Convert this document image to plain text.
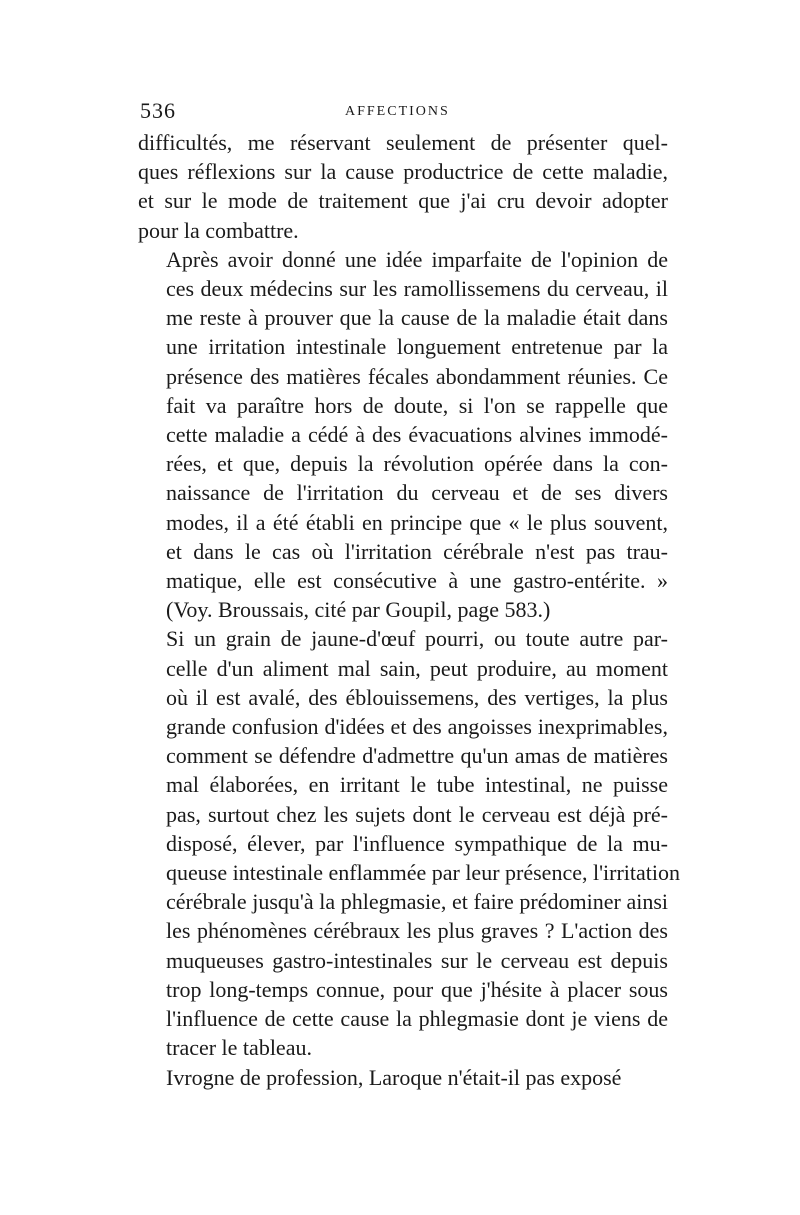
536	AFFECTIONS
difficultés, me réservant seulement de présenter quel-
ques réflexions sur la cause productrice de cette maladie,
et sur le mode de traitement que j'ai cru devoir adopter
pour la combattre.
Après avoir donné une idée imparfaite de l'opinion de
ces deux médecins sur les ramollissemens du cerveau, il
me reste à prouver que la cause de la maladie était dans
une irritation intestinale longuement entretenue par la
présence des matières fécales abondamment réunies. Ce
fait va paraître hors de doute, si l'on se rappelle que
cette maladie a cédé à des évacuations alvines immodé-
rées, et que, depuis la révolution opérée dans la con-
naissance de l'irritation du cerveau et de ses divers
modes, il a été établi en principe que « le plus souvent,
et dans le cas où l'irritation cérébrale n'est pas trau-
matique, elle est consécutive à une gastro-entérite. »
(Voy. Broussais, cité par Goupil, page 583.)
Si un grain de jaune-d'œuf pourri, ou toute autre par-
celle d'un aliment mal sain, peut produire, au moment
où il est avalé, des éblouissemens, des vertiges, la plus
grande confusion d'idées et des angoisses inexprimables,
comment se défendre d'admettre qu'un amas de matières
mal élaborées, en irritant le tube intestinal, ne puisse
pas, surtout chez les sujets dont le cerveau est déjà pré-
disposé, élever, par l'influence sympathique de la mu-
queuse intestinale enflammée par leur présence, l'irritation
cérébrale jusqu'à la phlegmasie, et faire prédominer ainsi
les phénomènes cérébraux les plus graves ? L'action des
muqueuses gastro-intestinales sur le cerveau est depuis
trop long-temps connue, pour que j'hésite à placer sous
l'influence de cette cause la phlegmasie dont je viens de
tracer le tableau.
Ivrogne de profession, Laroque n'était-il pas exposé
